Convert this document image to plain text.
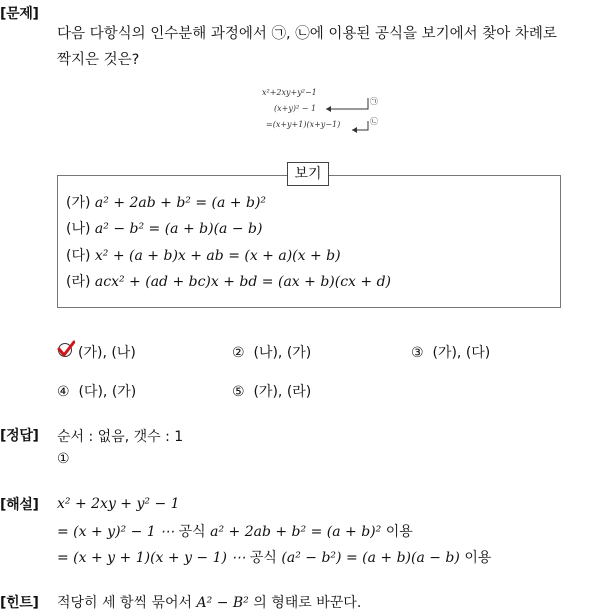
[문제]
다음 다항식의 인수분해 과정에서 ㉠, ㉡에 이용된 공식을 보기에서 찾아 차례로
짝지은 것은?
x²+2xy+y²−1
(x+y)² − 1
=(x+y+1)(x+y−1)
㉠
㉡
보기
(가) a² + 2ab + b² = (a + b)²
(나) a² − b² = (a + b)(a − b)
(다) x² + (a + b)x + ab = (x + a)(x + b)
(라) acx² + (ad + bc)x + bd = (ax + b)(cx + d)
(가), (나)	② (나), (가)	③ (가), (다)
④ (다), (가)	⑤ (가), (라)
[정답] 순서 : 없음, 갯수 : 1
①
[해설] x² + 2xy + y² − 1
= (x + y)² − 1 ⋯ 공식 a² + 2ab + b² = (a + b)² 이용
= (x + y + 1)(x + y − 1) ⋯ 공식 (a² − b²) = (a + b)(a − b) 이용
[힌트] 적당히 세 항씩 묶어서 A² − B² 의 형태로 바꾼다.
